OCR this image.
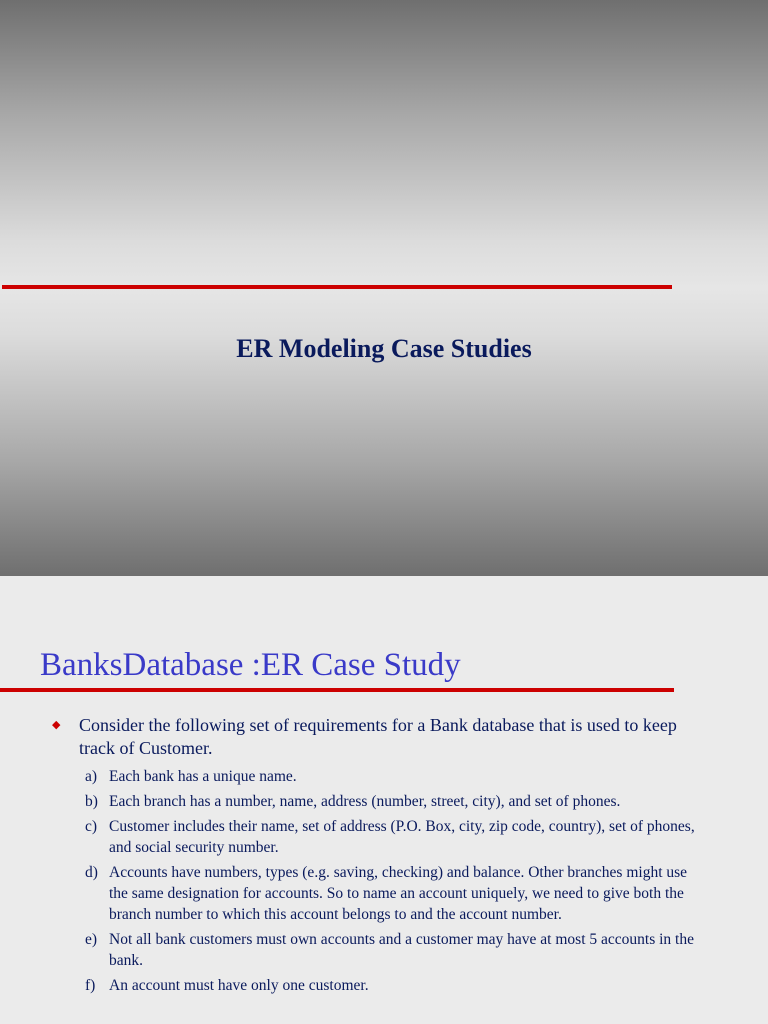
ER Modeling Case Studies
BanksDatabase :ER Case Study
◆ Consider the following set of requirements for a Bank database that is used to keep track of Customer.
a) Each bank has a unique name.
b) Each branch has a number, name, address (number, street, city), and set of phones.
c) Customer includes their name, set of address (P.O. Box, city, zip code, country), set of phones, and social security number.
d) Accounts have numbers, types (e.g. saving, checking) and balance. Other branches might use the same designation for accounts. So to name an account uniquely, we need to give both the branch number to which this account belongs to and the account number.
e) Not all bank customers must own accounts and a customer may have at most 5 accounts in the bank.
f) An account must have only one customer.
